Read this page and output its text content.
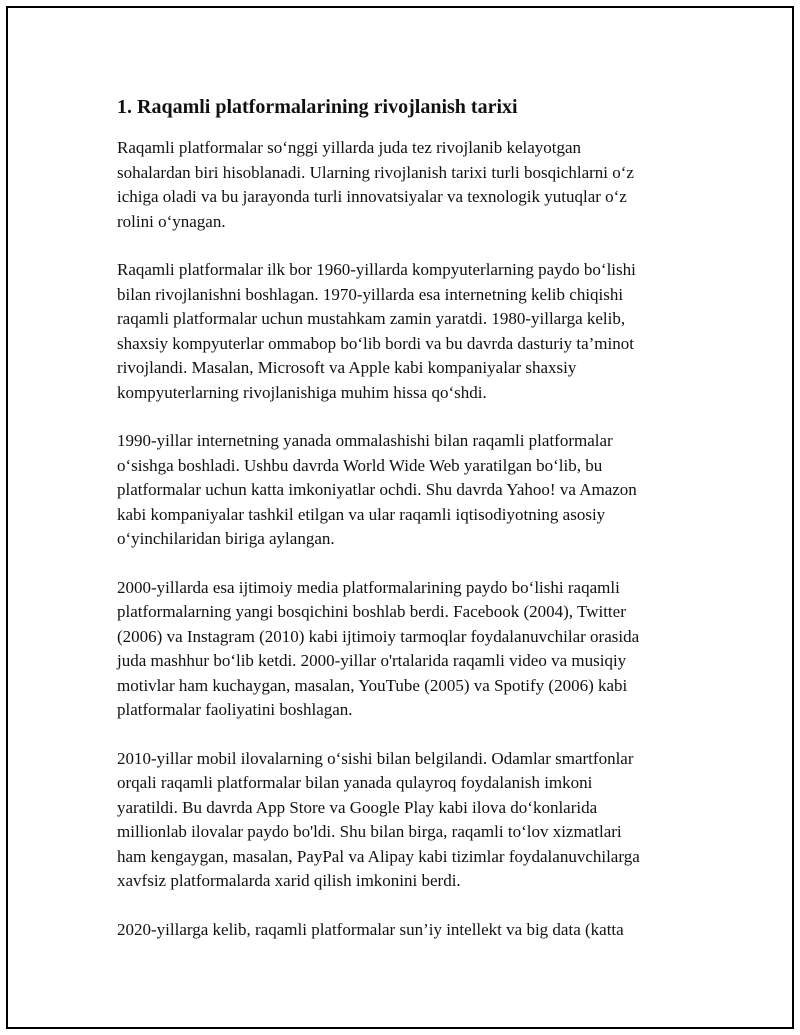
1. Raqamli platformalarining rivojlanish tarixi

Raqamli platformalar so‘nggi yillarda juda tez rivojlanib kelayotgan
sohalardan biri hisoblanadi. Ularning rivojlanish tarixi turli bosqichlarni o‘z
ichiga oladi va bu jarayonda turli innovatsiyalar va texnologik yutuqlar o‘z
rolini o‘ynagan.

Raqamli platformalar ilk bor 1960-yillarda kompyuterlarning paydo bo‘lishi
bilan rivojlanishni boshlagan. 1970-yillarda esa internetning kelib chiqishi
raqamli platformalar uchun mustahkam zamin yaratdi. 1980-yillarga kelib,
shaxsiy kompyuterlar ommabop bo‘lib bordi va bu davrda dasturiy ta’minot
rivojlandi. Masalan, Microsoft va Apple kabi kompaniyalar shaxsiy
kompyuterlarning rivojlanishiga muhim hissa qo‘shdi.

1990-yillar internetning yanada ommalashishi bilan raqamli platformalar
o‘sishga boshladi. Ushbu davrda World Wide Web yaratilgan bo‘lib, bu
platformalar uchun katta imkoniyatlar ochdi. Shu davrda Yahoo! va Amazon
kabi kompaniyalar tashkil etilgan va ular raqamli iqtisodiyotning asosiy
o‘yinchilaridan biriga aylangan.

2000-yillarda esa ijtimoiy media platformalarining paydo bo‘lishi raqamli
platformalarning yangi bosqichini boshlab berdi. Facebook (2004), Twitter
(2006) va Instagram (2010) kabi ijtimoiy tarmoqlar foydalanuvchilar orasida
juda mashhur bo‘lib ketdi. 2000-yillar o'rtalarida raqamli video va musiqiy
motivlar ham kuchaygan, masalan, YouTube (2005) va Spotify (2006) kabi
platformalar faoliyatini boshlagan.

2010-yillar mobil ilovalarning o‘sishi bilan belgilandi. Odamlar smartfonlar
orqali raqamli platformalar bilan yanada qulayroq foydalanish imkoni
yaratildi. Bu davrda App Store va Google Play kabi ilova do‘konlarida
millionlab ilovalar paydo bo'ldi. Shu bilan birga, raqamli to‘lov xizmatlari
ham kengaygan, masalan, PayPal va Alipay kabi tizimlar foydalanuvchilarga
xavfsiz platformalarda xarid qilish imkonini berdi.

2020-yillarga kelib, raqamli platformalar sun’iy intellekt va big data (katta
